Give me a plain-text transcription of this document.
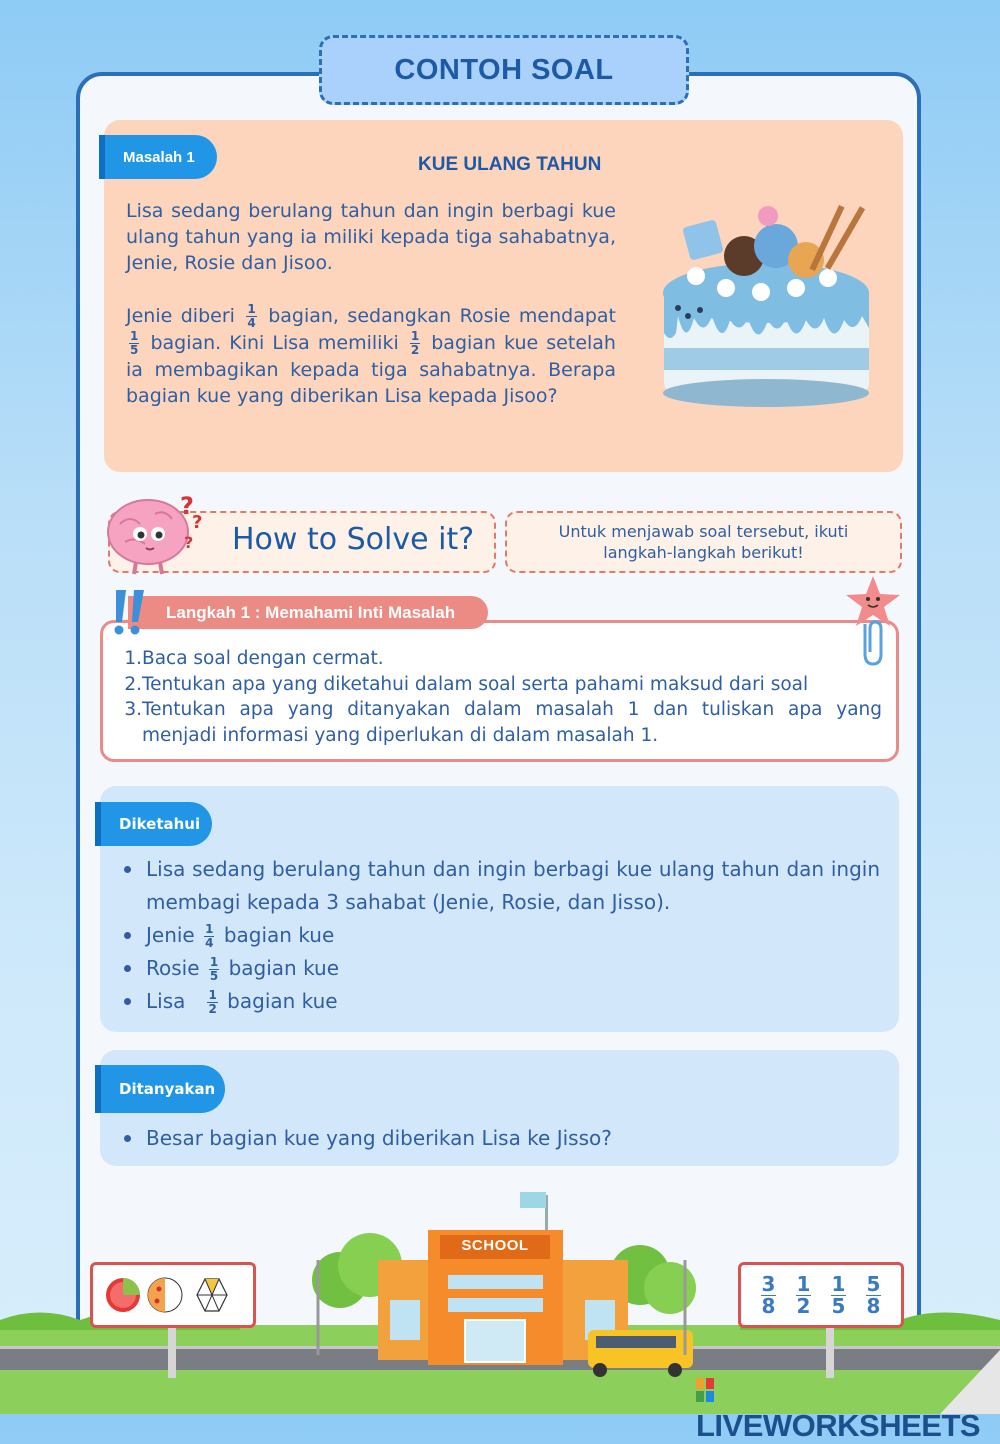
CONTOH SOAL
Masalah 1	KUE ULANG TAHUN
Lisa sedang berulang tahun dan ingin berbagi kue ulang tahun yang ia miliki kepada tiga sahabatnya, Jenie, Rosie dan Jisoo.
Jenie diberi $\frac{1}{4}$ bagian, sedangkan Rosie mendapat
$\frac{1}{5}$ bagian. Kini Lisa memiliki $\frac{1}{2}$ bagian kue setelah ia membagikan kepada tiga sahabatnya. Berapa bagian kue yang diberikan Lisa kepada Jisoo?
?
?
? How to Solve it?	Untuk menjawab soal tersebut, ikuti langkah-langkah berikut!
Langkah 1 : Memahami Inti Masalah
1. Baca soal dengan cermat.
2. Tentukan apa yang diketahui dalam soal serta pahami maksud dari soal
3. Tentukan apa yang ditanyakan dalam masalah 1 dan tuliskan apa yang menjadi informasi yang diperlukan di dalam masalah 1.
Diketahui
Lisa sedang berulang tahun dan ingin berbagi kue ulang tahun dan ingin membagi kepada 3 sahabat (Jenie, Rosie, dan Jisso).
Jenie $\frac{1}{4}$ bagian kue
Rosie $\frac{1}{5}$ bagian kue
Lisa $\frac{1}{2}$ bagian kue
Ditanyakan
Besar bagian kue yang diberikan Lisa ke Jisso?
$\frac{3}{8} \frac{1}{2} \frac{1}{5} \frac{5}{8}$
SCHOOL
LIVEWORKSHEETS
